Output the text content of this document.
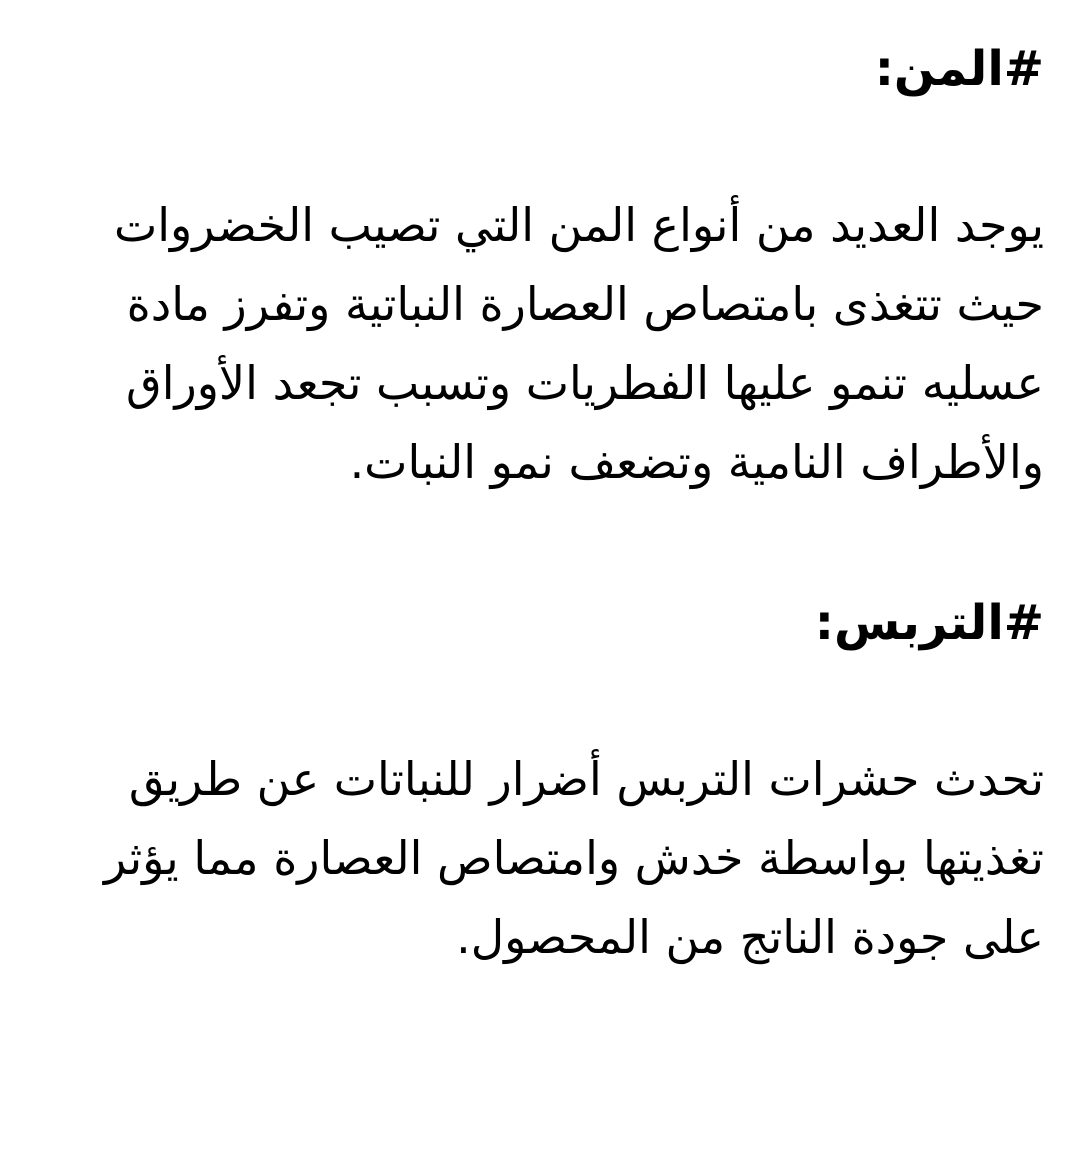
#المن:

يوجد العديد من أنواع المن التي تصيب الخضروات حيث تتغذى بامتصاص العصارة النباتية وتفرز مادة عسليه تنمو عليها الفطريات وتسبب تجعد الأوراق والأطراف النامية وتضعف نمو النبات.

#التربس:

تحدث حشرات التربس أضرار للنباتات عن طريق تغذيتها بواسطة خدش وامتصاص العصارة مما يؤثر على جودة الناتج من المحصول.
